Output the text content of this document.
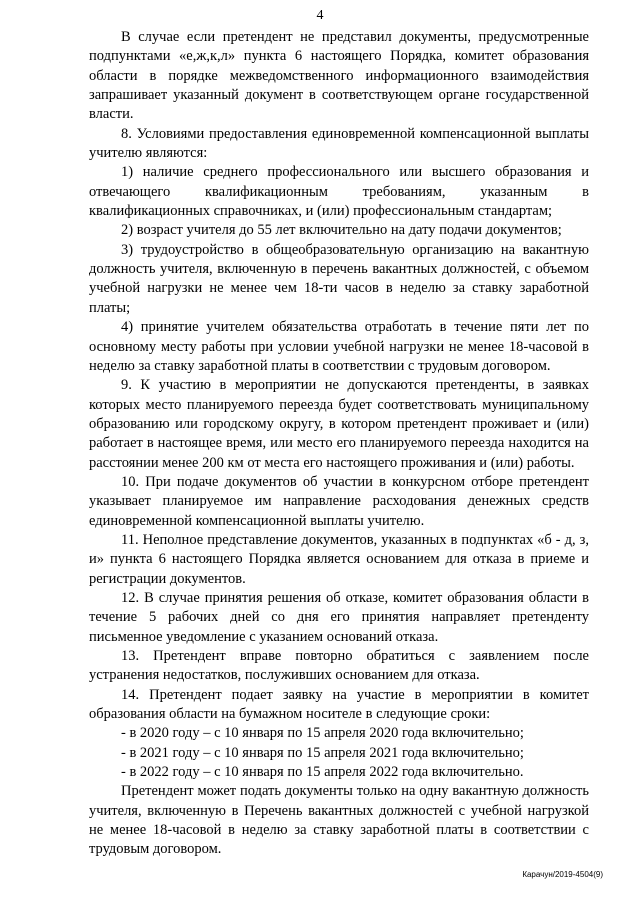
4

В случае если претендент не представил документы, предусмотренные подпунктами «е,ж,к,л» пункта 6 настоящего Порядка, комитет образования области в порядке межведомственного информационного взаимодействия запрашивает указанный документ в соответствующем органе государственной власти.

8. Условиями предоставления единовременной компенсационной выплаты учителю являются:

1) наличие среднего профессионального или высшего образования и отвечающего квалификационным требованиям, указанным в квалификационных справочниках, и (или) профессиональным стандартам;

2) возраст учителя до 55 лет включительно на дату подачи документов;

3) трудоустройство в общеобразовательную организацию на вакантную должность учителя, включенную в перечень вакантных должностей, с объемом учебной нагрузки не менее чем 18-ти часов в неделю за ставку заработной платы;

4) принятие учителем обязательства отработать в течение пяти лет по основному месту работы при условии учебной нагрузки не менее 18-часовой в неделю за ставку заработной платы в соответствии с трудовым договором.

9. К участию в мероприятии не допускаются претенденты, в заявках которых место планируемого переезда будет соответствовать муниципальному образованию или городскому округу, в котором претендент проживает и (или) работает в настоящее время, или место его планируемого переезда находится на расстоянии менее 200 км от места его настоящего проживания и (или) работы.

10. При подаче документов об участии в конкурсном отборе претендент указывает планируемое им направление расходования денежных средств единовременной компенсационной выплаты учителю.

11. Неполное представление документов, указанных в подпунктах «б - д, з, и» пункта 6 настоящего Порядка является основанием для отказа в приеме и регистрации документов.

12. В случае принятия решения об отказе, комитет образования области в течение 5 рабочих дней со дня его принятия направляет претенденту письменное уведомление с указанием оснований отказа.

13. Претендент вправе повторно обратиться с заявлением после устранения недостатков, послуживших основанием для отказа.

14. Претендент подает заявку на участие в мероприятии в комитет образования области на бумажном носителе в следующие сроки:

- в 2020 году – с 10 января по 15 апреля 2020 года включительно;

- в 2021 году – с 10 января по 15 апреля 2021 года включительно;

- в 2022 году – с 10 января по 15 апреля 2022 года включительно.

Претендент может подать документы только на одну вакантную должность учителя, включенную в Перечень вакантных должностей с учебной нагрузкой не менее 18-часовой в неделю за ставку заработной платы в соответствии с трудовым договором.

Карачун/2019-4504(9)
